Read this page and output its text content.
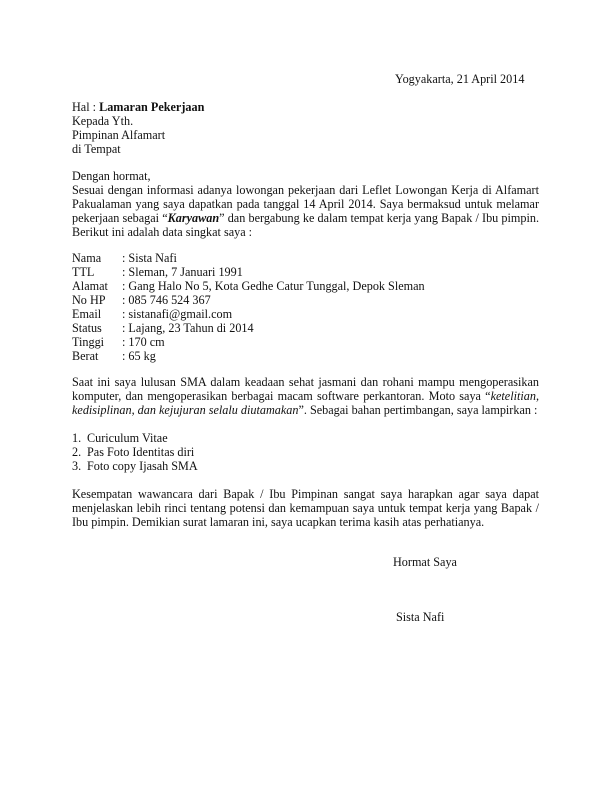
Yogyakarta, 21 April 2014
Hal : Lamaran Pekerjaan
Kepada Yth.
Pimpinan Alfamart
di Tempat
Dengan hormat,
Sesuai dengan informasi adanya lowongan pekerjaan dari Leflet Lowongan Kerja di Alfamart Pakualaman yang saya dapatkan pada tanggal 14 April 2014. Saya bermaksud untuk melamar pekerjaan sebagai “Karyawan” dan bergabung ke dalam tempat kerja yang Bapak / Ibu pimpin. Berikut ini adalah data singkat saya :
Nama	: Sista Nafi
TTL	: Sleman, 7 Januari 1991
Alamat	: Gang Halo No 5, Kota Gedhe Catur Tunggal, Depok Sleman
No HP	: 085 746 524 367
Email	: sistanafi@gmail.com
Status	: Lajang, 23 Tahun di 2014
Tinggi	: 170 cm
Berat	: 65 kg
Saat ini saya lulusan SMA dalam keadaan sehat jasmani dan rohani mampu mengoperasikan komputer, dan mengoperasikan berbagai macam software perkantoran. Moto saya “ketelitian, kedisiplinan, dan kejujuran selalu diutamakan”. Sebagai bahan pertimbangan, saya lampirkan :
1. Curiculum Vitae
2. Pas Foto Identitas diri
3. Foto copy Ijasah SMA
Kesempatan wawancara dari Bapak / Ibu Pimpinan sangat saya harapkan agar saya dapat menjelaskan lebih rinci tentang potensi dan kemampuan saya untuk tempat kerja yang Bapak / Ibu pimpin. Demikian surat lamaran ini, saya ucapkan terima kasih atas perhatianya.
Hormat Saya
Sista Nafi
